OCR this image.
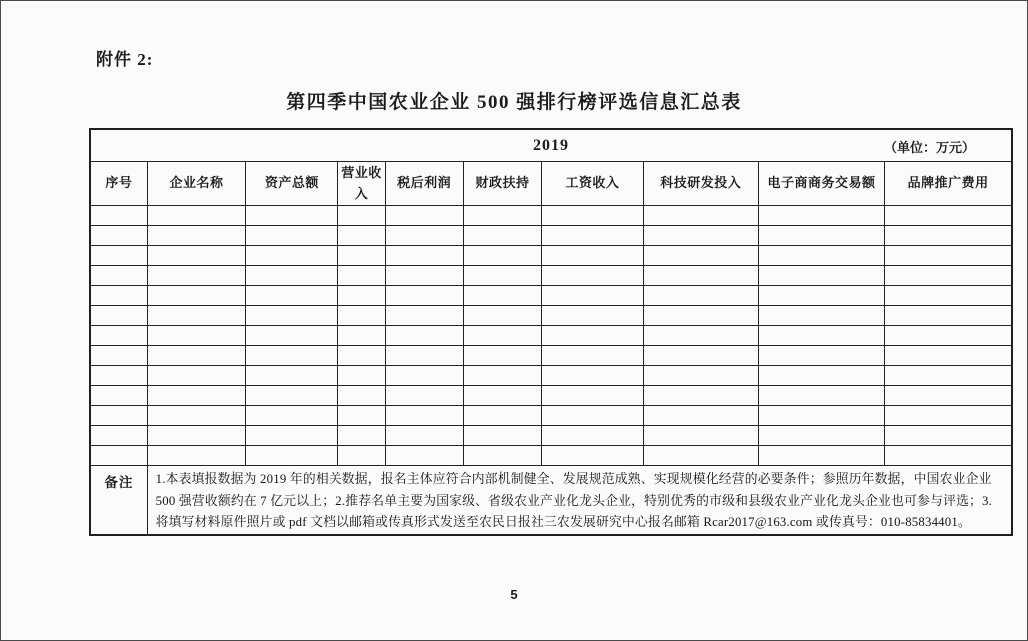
附件 2:
第四季中国农业企业 500 强排行榜评选信息汇总表
2019 （单位：万元）									

序号	企业名称	资产总额	营业收入	税后利润	财政扶持	工资收入	科技研发投入	电子商商务交易额	品牌推广费用

备注	1.本表填报数据为 2019 年的相关数据，报名主体应符合内部机制健全、发展规范成熟、实现规模化经营的必要条件；参照历年数据，中国农业企业
500 强营收额约在 7 亿元以上；2.推荐名单主要为国家级、省级农业产业化龙头企业，特别优秀的市级和县级农业产业化龙头企业也可参与评选；3.
将填写材料原件照片或 pdf 文档以邮箱或传真形式发送至农民日报社三农发展研究中心报名邮箱 Rcar2017@163.com 或传真号：010-85834401。								
5
